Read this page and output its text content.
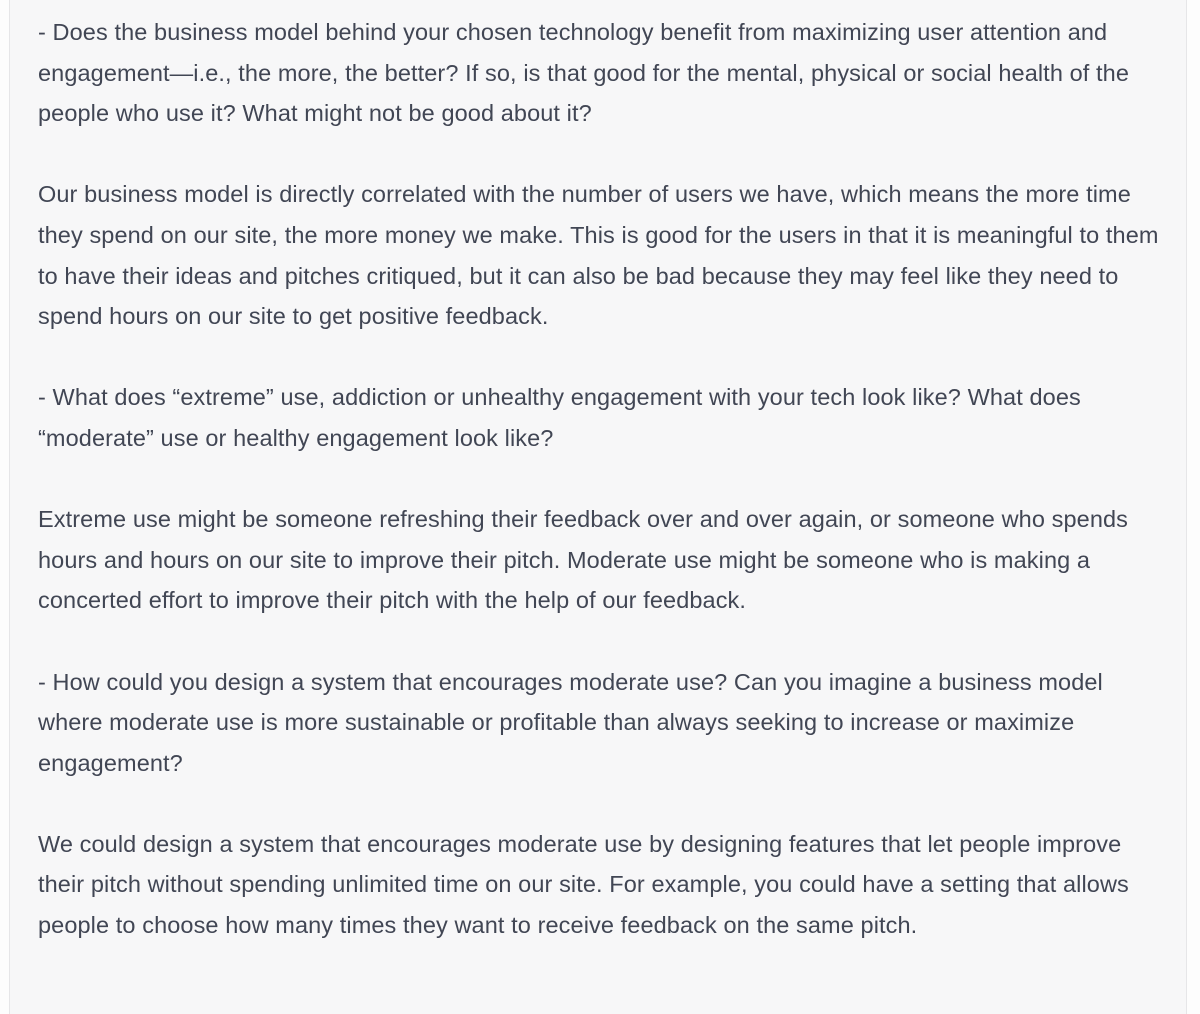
- Does the business model behind your chosen technology benefit from maximizing user attention and engagement—i.e., the more, the better? If so, is that good for the mental, physical or social health of the people who use it? What might not be good about it?

Our business model is directly correlated with the number of users we have, which means the more time they spend on our site, the more money we make. This is good for the users in that it is meaningful to them to have their ideas and pitches critiqued, but it can also be bad because they may feel like they need to spend hours on our site to get positive feedback.

- What does “extreme” use, addiction or unhealthy engagement with your tech look like? What does “moderate” use or healthy engagement look like?

Extreme use might be someone refreshing their feedback over and over again, or someone who spends hours and hours on our site to improve their pitch. Moderate use might be someone who is making a concerted effort to improve their pitch with the help of our feedback.

- How could you design a system that encourages moderate use? Can you imagine a business model where moderate use is more sustainable or profitable than always seeking to increase or maximize engagement?

We could design a system that encourages moderate use by designing features that let people improve their pitch without spending unlimited time on our site. For example, you could have a setting that allows people to choose how many times they want to receive feedback on the same pitch.
